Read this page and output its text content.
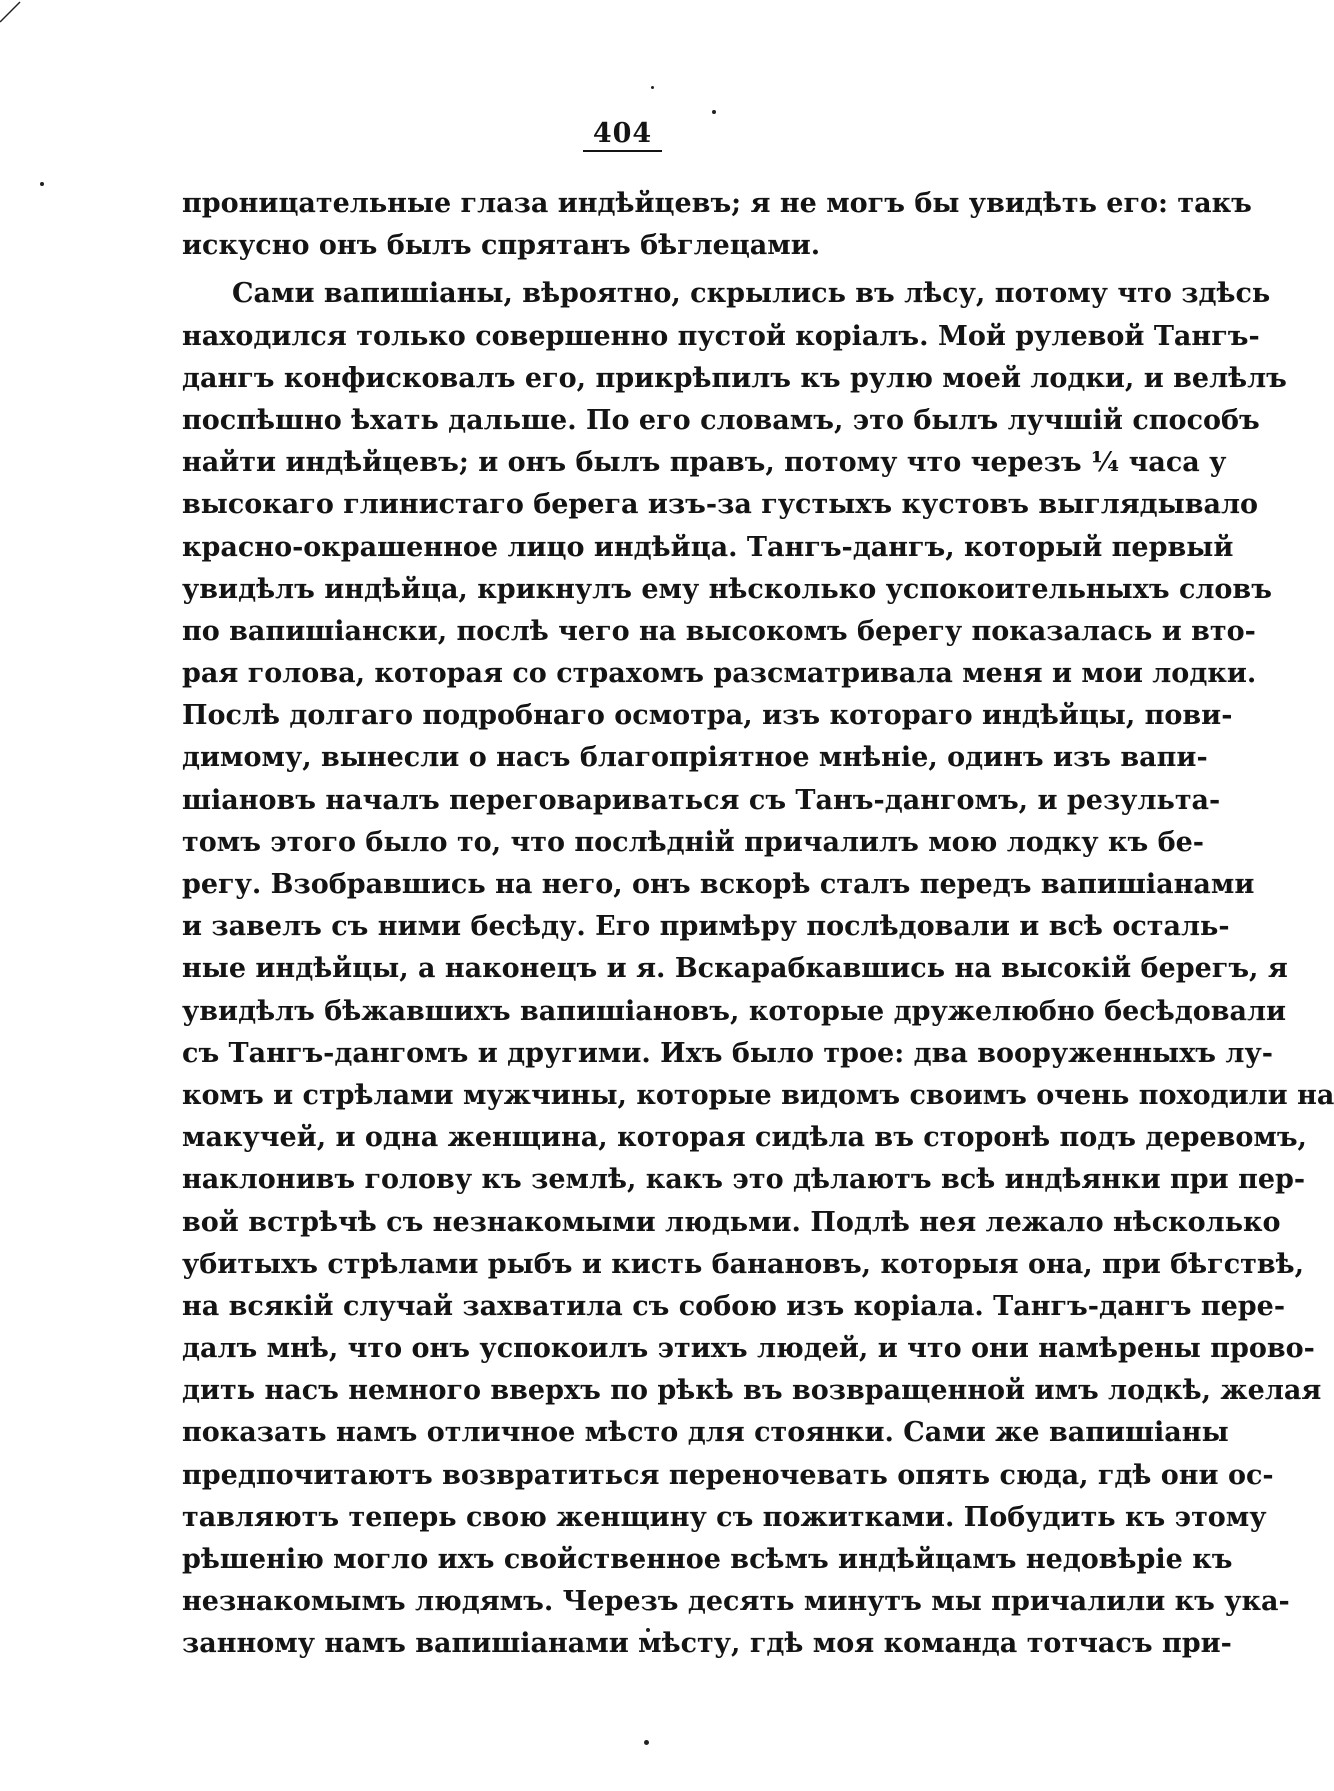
404
проницательные глаза индѣйцевъ; я не могъ бы увидѣть его: такъ
искусно онъ былъ спрятанъ бѣглецами.
Сами вапишіаны, вѣроятно, скрылись въ лѣсу, потому что здѣсь
находился только совершенно пустой коріалъ. Мой рулевой Тангъ-
дангъ конфисковалъ его, прикрѣпилъ къ рулю моей лодки, и велѣлъ
поспѣшно ѣхать дальше. По его словамъ, это былъ лучшій способъ
найти индѣйцевъ; и онъ былъ правъ, потому что черезъ ¼ часа у
высокаго глинистаго берега изъ-за густыхъ кустовъ выглядывало
красно-окрашенное лицо индѣйца. Тангъ-дангъ, который первый
увидѣлъ индѣйца, крикнулъ ему нѣсколько успокоительныхъ словъ
по вапишіански, послѣ чего на высокомъ берегу показалась и вто-
рая голова, которая со страхомъ разсматривала меня и мои лодки.
Послѣ долгаго подробнаго осмотра, изъ котораго индѣйцы, пови-
димому, вынесли о насъ благопріятное мнѣніе, одинъ изъ вапи-
шіановъ началъ переговариваться съ Танъ-дангомъ, и результа-
томъ этого было то, что послѣдній причалилъ мою лодку къ бе-
регу. Взобравшись на него, онъ вскорѣ сталъ передъ вапишіанами
и завелъ съ ними бесѣду. Его примѣру послѣдовали и всѣ осталь-
ные индѣйцы, а наконецъ и я. Вскарабкавшись на высокій берегъ, я
увидѣлъ бѣжавшихъ вапишіановъ, которые дружелюбно бесѣдовали
съ Тангъ-дангомъ и другими. Ихъ было трое: два вооруженныхъ лу-
комъ и стрѣлами мужчины, которые видомъ своимъ очень походили на
макучей, и одна женщина, которая сидѣла въ сторонѣ подъ деревомъ,
наклонивъ голову къ землѣ, какъ это дѣлаютъ всѣ индѣянки при пер-
вой встрѣчѣ съ незнакомыми людьми. Подлѣ нея лежало нѣсколько
убитыхъ стрѣлами рыбъ и кисть банановъ, которыя она, при бѣгствѣ,
на всякій случай захватила съ собою изъ коріала. Тангъ-дангъ пере-
далъ мнѣ, что онъ успокоилъ этихъ людей, и что они намѣрены прово-
дить насъ немного вверхъ по рѣкѣ въ возвращенной имъ лодкѣ, желая
показать намъ отличное мѣсто для стоянки. Сами же вапишіаны
предпочитаютъ возвратиться переночевать опять сюда, гдѣ они ос-
тавляютъ теперь свою женщину съ пожитками. Побудить къ этому
рѣшенію могло ихъ свойственное всѣмъ индѣйцамъ недовѣріе къ
незнакомымъ людямъ. Черезъ десять минутъ мы причалили къ ука-
занному намъ вапишіанами мѣсту, гдѣ моя команда тотчасъ при-
